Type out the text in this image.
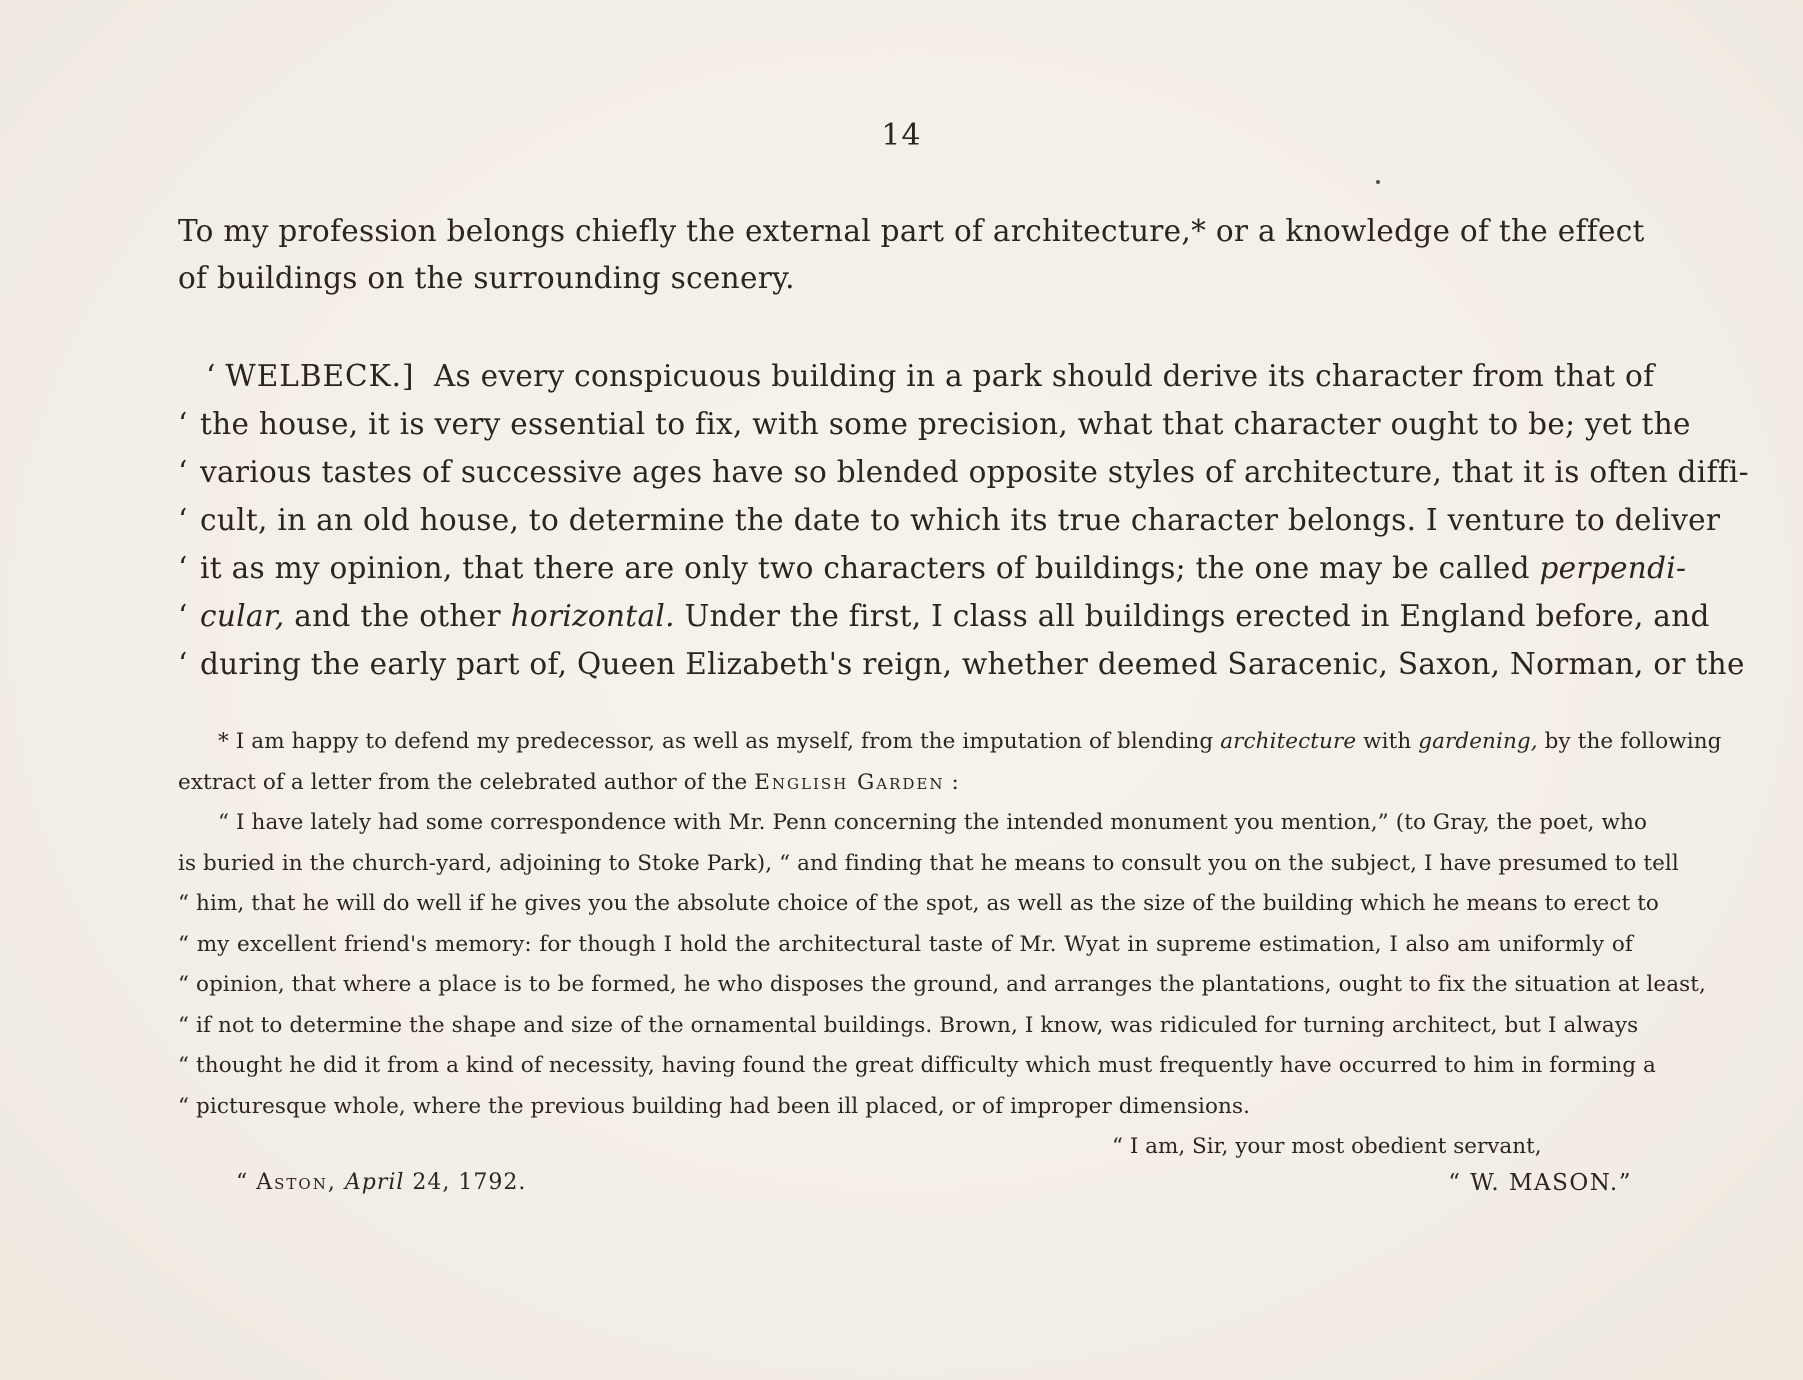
14
To my profession belongs chiefly the external part of architecture,* or a knowledge of the effect
of buildings on the surrounding scenery.
‘ WELBECK.] As every conspicuous building in a park should derive its character from that of
‘ the house, it is very essential to fix, with some precision, what that character ought to be; yet the
‘ various tastes of successive ages have so blended opposite styles of architecture, that it is often diffi-
‘ cult, in an old house, to determine the date to which its true character belongs. I venture to deliver
‘ it as my opinion, that there are only two characters of buildings; the one may be called perpendi-
‘ cular, and the other horizontal. Under the first, I class all buildings erected in England before, and
‘ during the early part of, Queen Elizabeth's reign, whether deemed Saracenic, Saxon, Norman, or the
* I am happy to defend my predecessor, as well as myself, from the imputation of blending architecture with gardening, by the following
extract of a letter from the celebrated author of the English Garden :
“ I have lately had some correspondence with Mr. Penn concerning the intended monument you mention,” (to Gray, the poet, who
is buried in the church-yard, adjoining to Stoke Park), “ and finding that he means to consult you on the subject, I have presumed to tell
“ him, that he will do well if he gives you the absolute choice of the spot, as well as the size of the building which he means to erect to
“ my excellent friend's memory: for though I hold the architectural taste of Mr. Wyat in supreme estimation, I also am uniformly of
“ opinion, that where a place is to be formed, he who disposes the ground, and arranges the plantations, ought to fix the situation at least,
“ if not to determine the shape and size of the ornamental buildings. Brown, I know, was ridiculed for turning architect, but I always
“ thought he did it from a kind of necessity, having found the great difficulty which must frequently have occurred to him in forming a
“ picturesque whole, where the previous building had been ill placed, or of improper dimensions.
“ I am, Sir, your most obedient servant,
“ Aston, April 24, 1792.	“ W. MASON.”
